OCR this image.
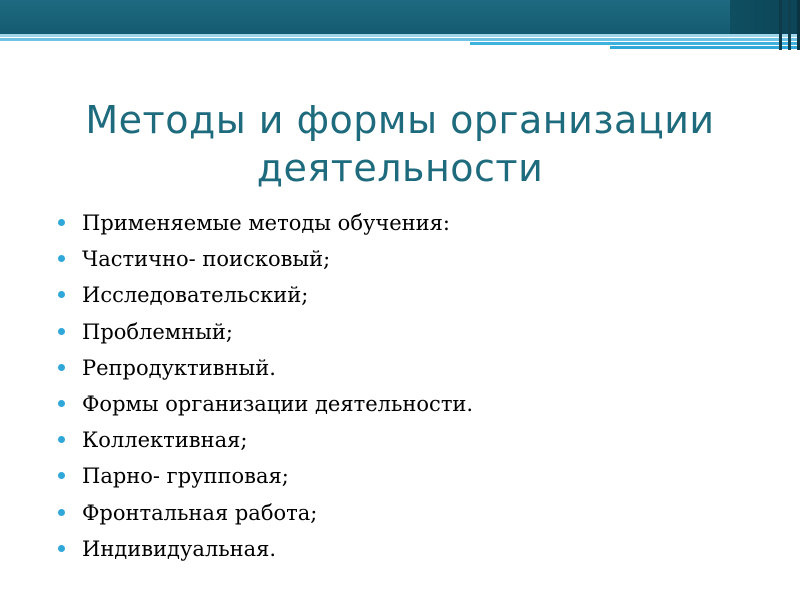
Методы и формы организации деятельности
Применяемые методы обучения:
Частично- поисковый;
Исследовательский;
Проблемный;
Репродуктивный.
Формы организации деятельности.
Коллективная;
Парно- групповая;
Фронтальная работа;
Индивидуальная.
